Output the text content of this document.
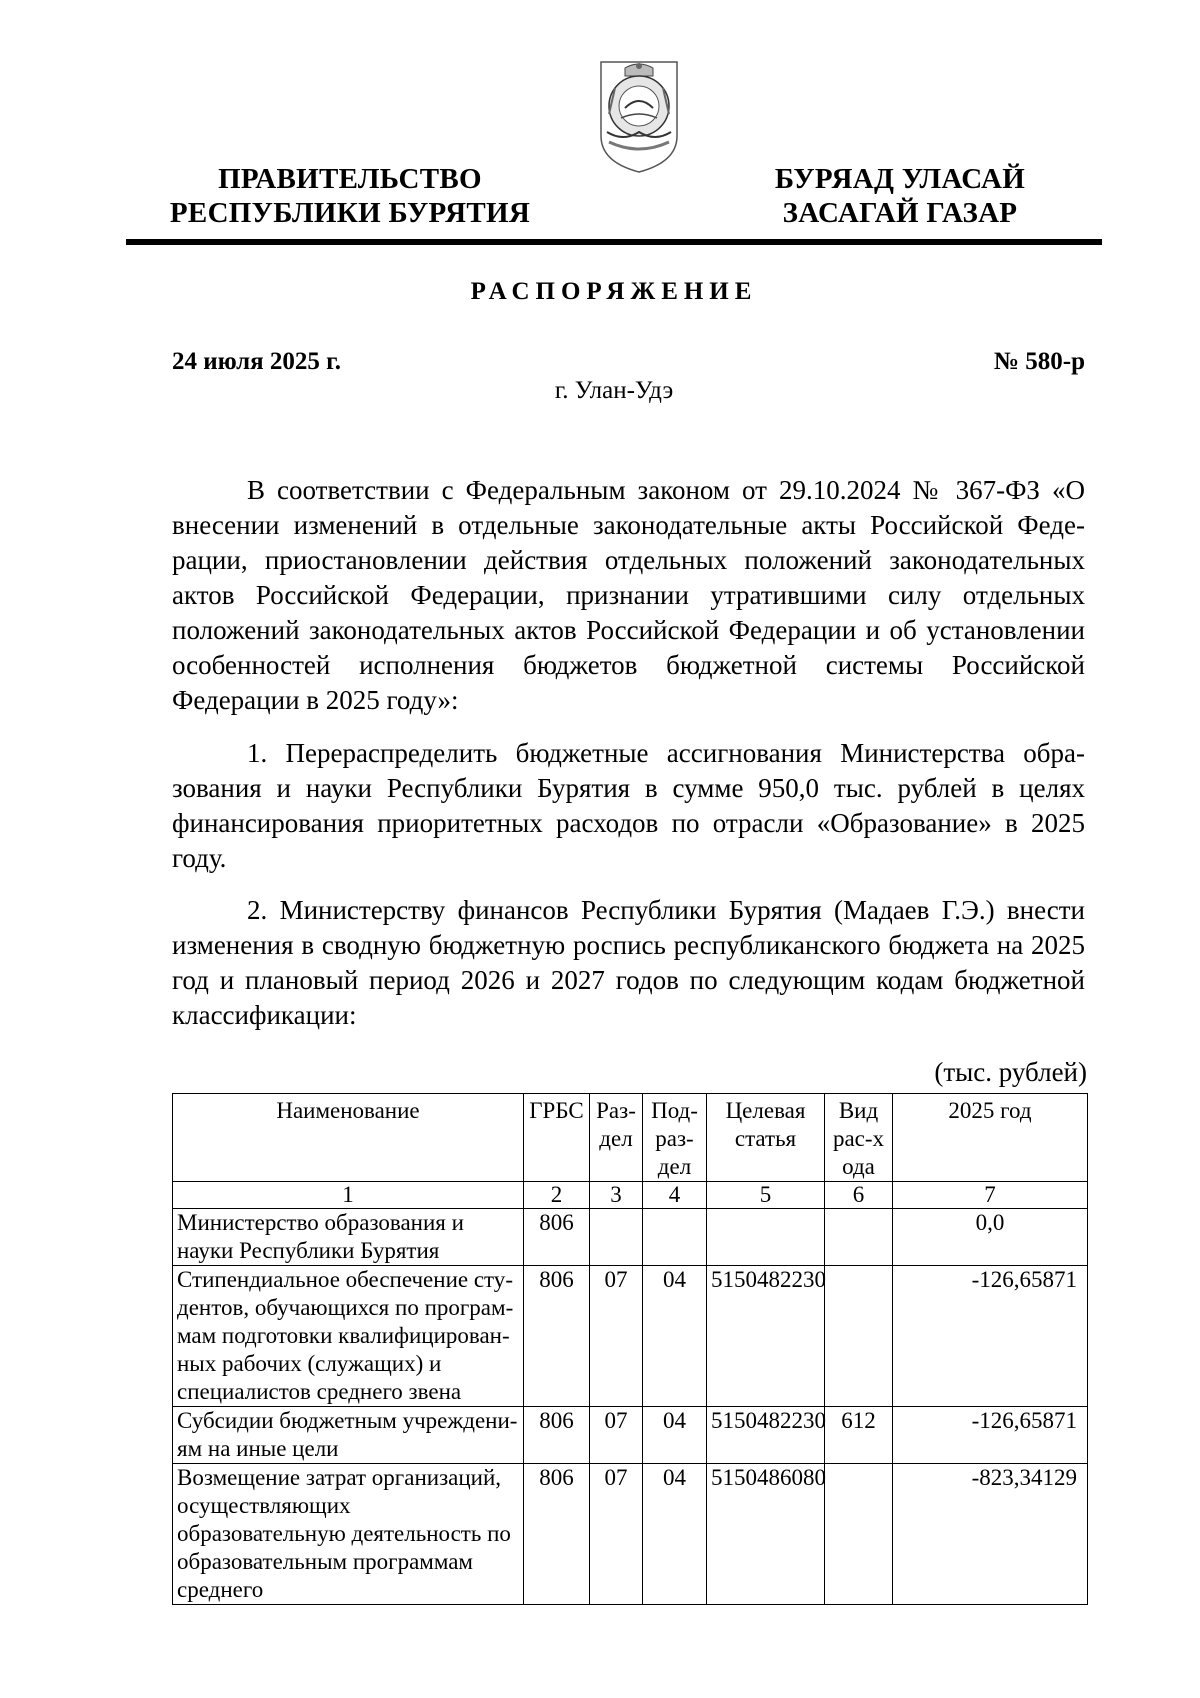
ПРАВИТЕЛЬСТВО
РЕСПУБЛИКИ БУРЯТИЯ
БУРЯАД УЛАСАЙ
ЗАСАГАЙ ГАЗАР
РАСПОРЯЖЕНИЕ
24 июля 2025 г.	№ 580-р
г. Улан-Удэ

В соответствии с Федеральным законом от 29.10.2024 № 367-ФЗ «О внесении изменений в отдельные законодательные акты Российской Федерации, приостановлении действия отдельных положений законодательных актов Российской Федерации, признании утратившими силу отдельных положений законодательных актов Российской Федерации и об установлении особенностей исполнения бюджетов бюджетной системы Российской Федерации в 2025 году»:

1. Перераспределить бюджетные ассигнования Министерства образования и науки Республики Бурятия в сумме 950,0 тыс. рублей в целях финансирования приоритетных расходов по отрасли «Образование» в 2025 году.

2. Министерству финансов Республики Бурятия (Мадаев Г.Э.) внести изменения в сводную бюджетную роспись республиканского бюджета на 2025 год и плановый период 2026 и 2027 годов по следующим кодам бюджетной классификации:

(тыс. рублей)
Наименование	ГРБС	Раз-дел	Под-раз-дел	Целевая статья	Вид рас-хода	2025 год
1	2	3	4	5	6	7
Министерство образования и науки Республики Бурятия	806					0,0
Стипендиальное обеспечение студентов, обучающихся по программам подготовки квалифицированных рабочих (служащих) и специалистов среднего звена	806	07	04	5150482230		-126,65871
Субсидии бюджетным учреждениям на иные цели	806	07	04	5150482230	612	-126,65871
Возмещение затрат организаций, осуществляющих образовательную деятельность по образовательным программам среднего	806	07	04	5150486080		-823,34129
